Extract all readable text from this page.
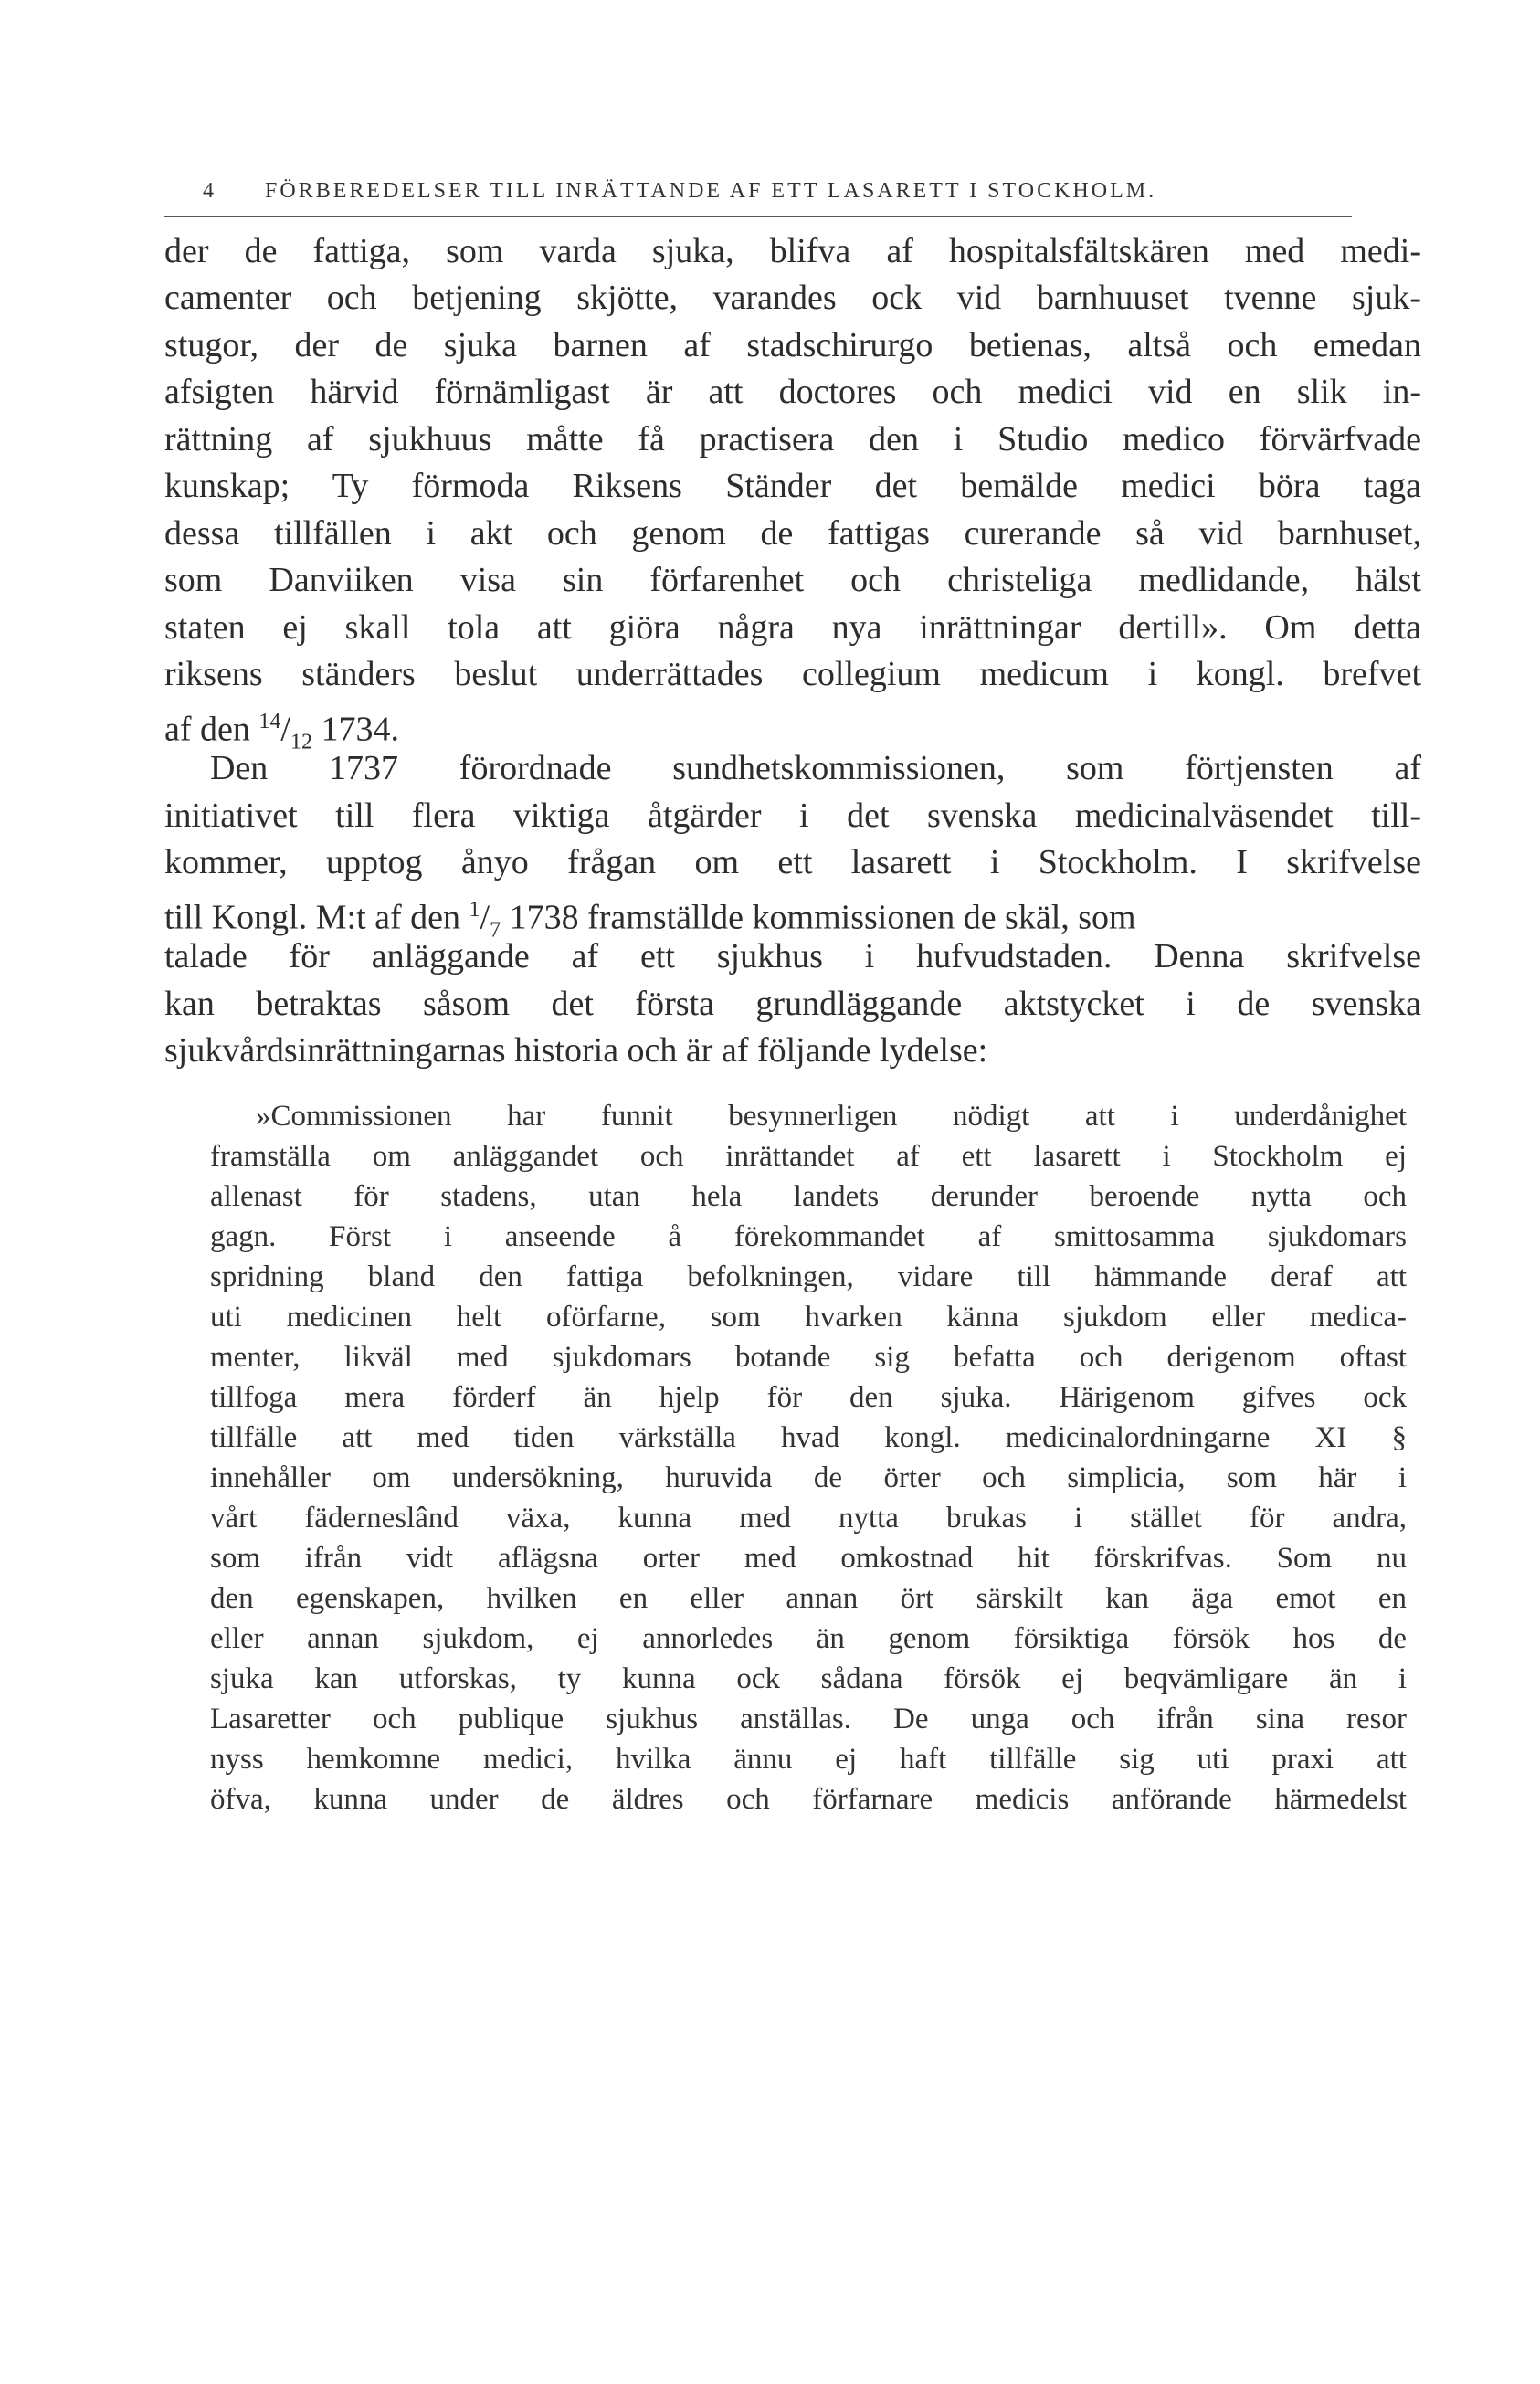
4 FÖRBEREDELSER TILL INRÄTTANDE AF ETT LASARETT I STOCKHOLM.

der de fattiga, som varda sjuka, blifva af hospitalsfältskären med medi-

camenter och betjening skjötte, varandes ock vid barnhuuset tvenne sjuk-

stugor, der de sjuka barnen af stadschirurgo betienas, altså och emedan

afsigten härvid förnämligast är att doctores och medici vid en slik in-

rättning af sjukhuus måtte få practisera den i Studio medico förvärfvade

kunskap; Ty förmoda Riksens Ständer det bemälde medici böra taga

dessa tillfällen i akt och genom de fattigas curerande så vid barnhuset,

som Danviiken visa sin förfarenhet och christeliga medlidande, hälst

staten ej skall tola att giöra några nya inrättningar dertill». Om detta

riksens ständers beslut underrättades collegium medicum i kongl. brefvet

af den $^{14}/_{12}$ 1734.

Den 1737 förordnade sundhetskommissionen, som förtjensten af

initiativet till flera viktiga åtgärder i det svenska medicinalväsendet till-

kommer, upptog ånyo frågan om ett lasarett i Stockholm. I skrifvelse

till Kongl. M:t af den $^1/_7$ 1738 framställde kommissionen de skäl, som

talade för anläggande af ett sjukhus i hufvudstaden. Denna skrifvelse

kan betraktas såsom det första grundläggande aktstycket i de svenska

sjukvårdsinrättningarnas historia och är af följande lydelse:

»Commissionen har funnit besynnerligen nödigt att i underdånighet

framställa om anläggandet och inrättandet af ett lasarett i Stockholm ej

allenast för stadens, utan hela landets derunder beroende nytta och

gagn. Först i anseende å förekommandet af smittosamma sjukdomars

spridning bland den fattiga befolkningen, vidare till hämmande deraf att

uti medicinen helt oförfarne, som hvarken känna sjukdom eller medica-

menter, likväl med sjukdomars botande sig befatta och derigenom oftast

tillfoga mera förderf än hjelp för den sjuka. Härigenom gifves ock

tillfälle att med tiden värkställa hvad kongl. medicinalordningarne XI §

innehåller om undersökning, huruvida de örter och simplicia, som här i

vårt fäderneslând växa, kunna med nytta brukas i stället för andra,

som ifrån vidt aflägsna orter med omkostnad hit förskrifvas. Som nu

den egenskapen, hvilken en eller annan ört särskilt kan äga emot en

eller annan sjukdom, ej annorledes än genom försiktiga försök hos de

sjuka kan utforskas, ty kunna ock sådana försök ej beqvämligare än i

Lasaretter och publique sjukhus anställas. De unga och ifrån sina resor

nyss hemkomne medici, hvilka ännu ej haft tillfälle sig uti praxi att

öfva, kunna under de äldres och förfarnare medicis anförande härmedelst
